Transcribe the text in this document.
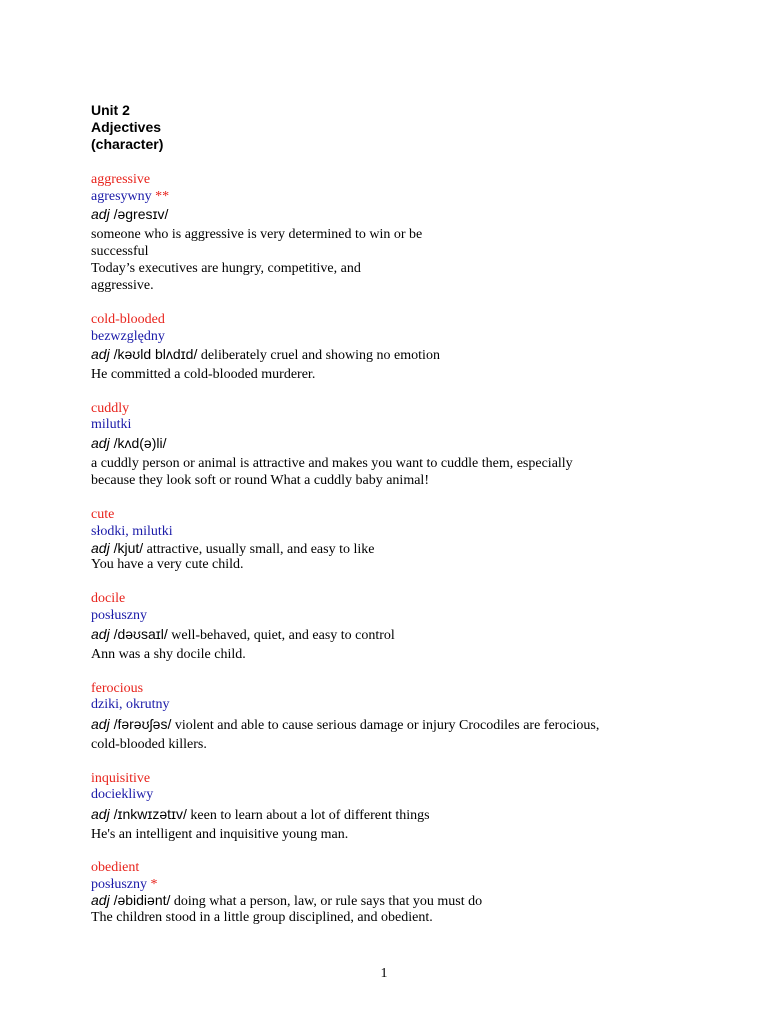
Unit 2
Adjectives
(character)
aggressive
agresywny **
adj /əɡresɪv/
someone who is aggressive is very determined to win or be
successful
Today’s executives are hungry, competitive, and
aggressive.
cold-blooded
bezwzględny
adj /kəʊld blʌdɪd/ deliberately cruel and showing no emotion
He committed a cold-blooded murderer.
cuddly
milutki
adj /kʌd(ə)li/
a cuddly person or animal is attractive and makes you want to cuddle them, especially
because they look soft or round What a cuddly baby animal!
cute
słodki, milutki
adj /kjut/ attractive, usually small, and easy to like
You have a very cute child.
docile
posłuszny
adj /dəʊsaɪl/ well-behaved, quiet, and easy to control
Ann was a shy docile child.
ferocious
dziki, okrutny
adj /fərəʊʃəs/ violent and able to cause serious damage or injury Crocodiles are ferocious,
cold-blooded killers.
inquisitive
dociekliwy
adj /ɪnkwɪzətɪv/ keen to learn about a lot of different things
He's an intelligent and inquisitive young man.
obedient
posłuszny *
adj /əbidiənt/ doing what a person, law, or rule says that you must do
The children stood in a little group disciplined, and obedient.
1
